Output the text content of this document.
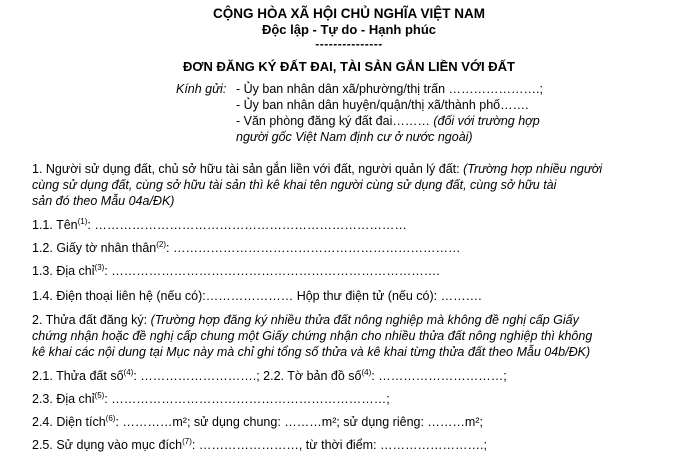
CỘNG HÒA XÃ HỘI CHỦ NGHĨA VIỆT NAM
Độc lập - Tự do - Hạnh phúc
---------------
ĐƠN ĐĂNG KÝ ĐẤT ĐAI, TÀI SẢN GẮN LIỀN VỚI ĐẤT
Kính gửi: - Ủy ban nhân dân xã/phường/thị trấn ………………….;
- Ủy ban nhân dân huyện/quận/thị xã/thành phố…….
- Văn phòng đăng ký đất đai……… (đối với trường hợp
người gốc Việt Nam định cư ở nước ngoài)
1. Người sử dụng đất, chủ sở hữu tài sản gắn liền với đất, người quản lý đất: (Trường hợp nhiều người
cùng sử dụng đất, cùng sở hữu tài sản thì kê khai tên người cùng sử dụng đất, cùng sở hữu tài
sản đó theo Mẫu 04a/ĐK)
1.1. Tên$^{(1)}$: …………………………………………………………………
1.2. Giấy tờ nhân thân$^{(2)}$: ……………………………………………………………
1.3. Địa chỉ$^{(3)}$: …………………………………………………………………….
1.4. Điện thoại liên hệ (nếu có):………………… Hộp thư điện tử (nếu có): ……….
2. Thửa đất đăng ký: (Trường hợp đăng ký nhiều thửa đất nông nghiệp mà không đề nghị cấp Giấy
chứng nhận hoặc đề nghị cấp chung một Giấy chứng nhận cho nhiều thửa đất nông nghiệp thì không
kê khai các nội dung tại Mục này mà chỉ ghi tổng số thửa và kê khai từng thửa đất theo Mẫu 04b/ĐK)
2.1. Thửa đất số$^{(4)}$: ……………………….; 2.2. Tờ bản đồ số$^{(4)}$: …………………………;
2.3. Địa chỉ$^{(5)}$: …………………………………………………………;
2.4. Diện tích$^{(6)}$: …………m²; sử dụng chung: ………m²; sử dụng riêng: ………m²;
2.5. Sử dụng vào mục đích$^{(7)}$: ……………………, từ thời điểm: …………………….;
